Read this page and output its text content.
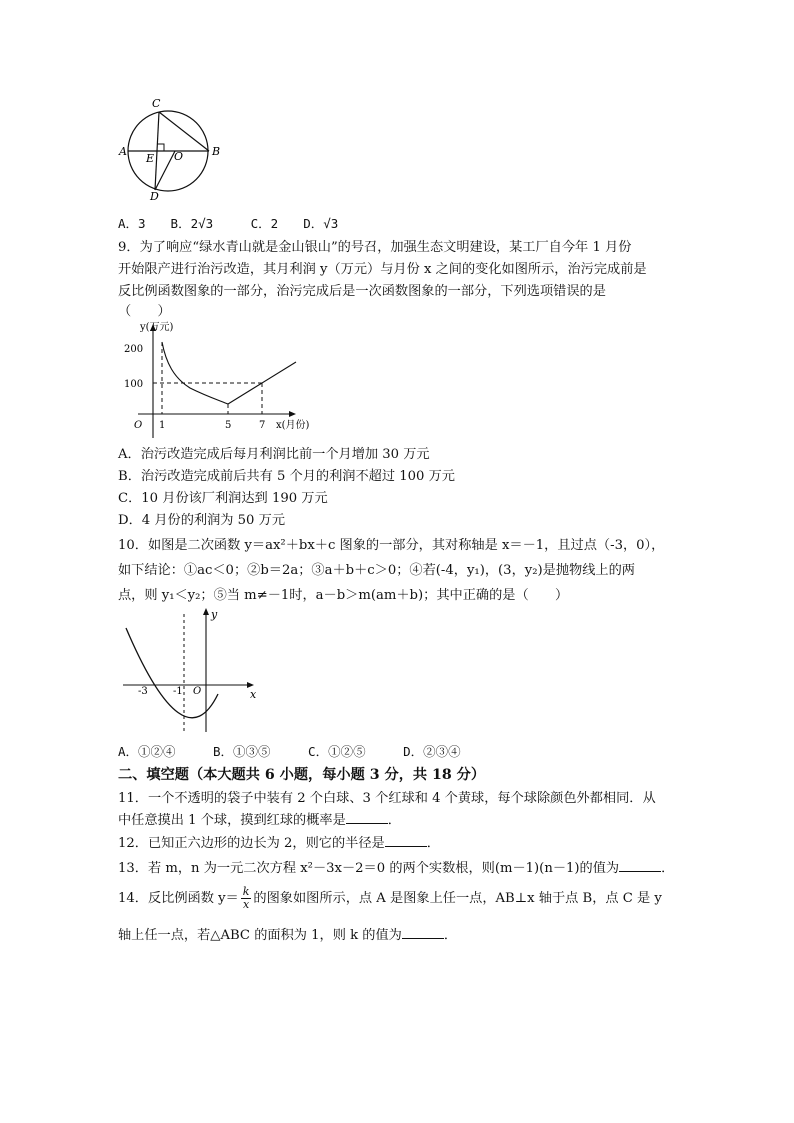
C
A
E O	B
D
A．3　　B．2√3　　　C．2　　D．√3
9．为了响应“绿水青山就是金山银山”的号召，加强生态文明建设，某工厂自今年 1 月份
开始限产进行治污改造，其月利润 y（万元）与月份 x 之间的变化如图所示，治污完成前是
反比例函数图象的一部分，治污完成后是一次函数图象的一部分，下列选项错误的是
（　　）
y(万元)
200
100
O 1	5	7 x(月份)
A．治污改造完成后每月利润比前一个月增加 30 万元
B．治污改造完成前后共有 5 个月的利润不超过 100 万元
C．10 月份该厂利润达到 190 万元
D．4 月份的利润为 50 万元
10．如图是二次函数 y＝ax²＋bx＋c 图象的一部分，其对称轴是 x＝－1，且过点（-3，0），
如下结论：①ac＜0；②b＝2a；③a＋b＋c＞0；④若(-4，y₁)，(3，y₂)是抛物线上的两
点，则 y₁＜y₂；⑤当 m≠－1时，a－b＞m(am＋b)；其中正确的是（　　）
y
x
-3	-1 O
A．①②④　　　B．①③⑤　　　C．①②⑤　　　D．②③④
二、填空题（本大题共 6 小题，每小题 3 分，共 18 分）
11．一个不透明的袋子中装有 2 个白球、3 个红球和 4 个黄球，每个球除颜色外都相同．从
中任意摸出 1 个球，摸到红球的概率是	．
12．已知正六边形的边长为 2，则它的半径是	．
13．若 m，n 为一元二次方程 x²－3x－2＝0 的两个实数根，则(m－1)(n－1)的值为	．
14．反比例函数 $y= \frac{k}{x}$ 的图象如图所示，点 A 是图象上任一点，AB⊥x 轴于点 B，点 C 是 y
轴上任一点，若△ABC 的面积为 1，则 k 的值为	．
